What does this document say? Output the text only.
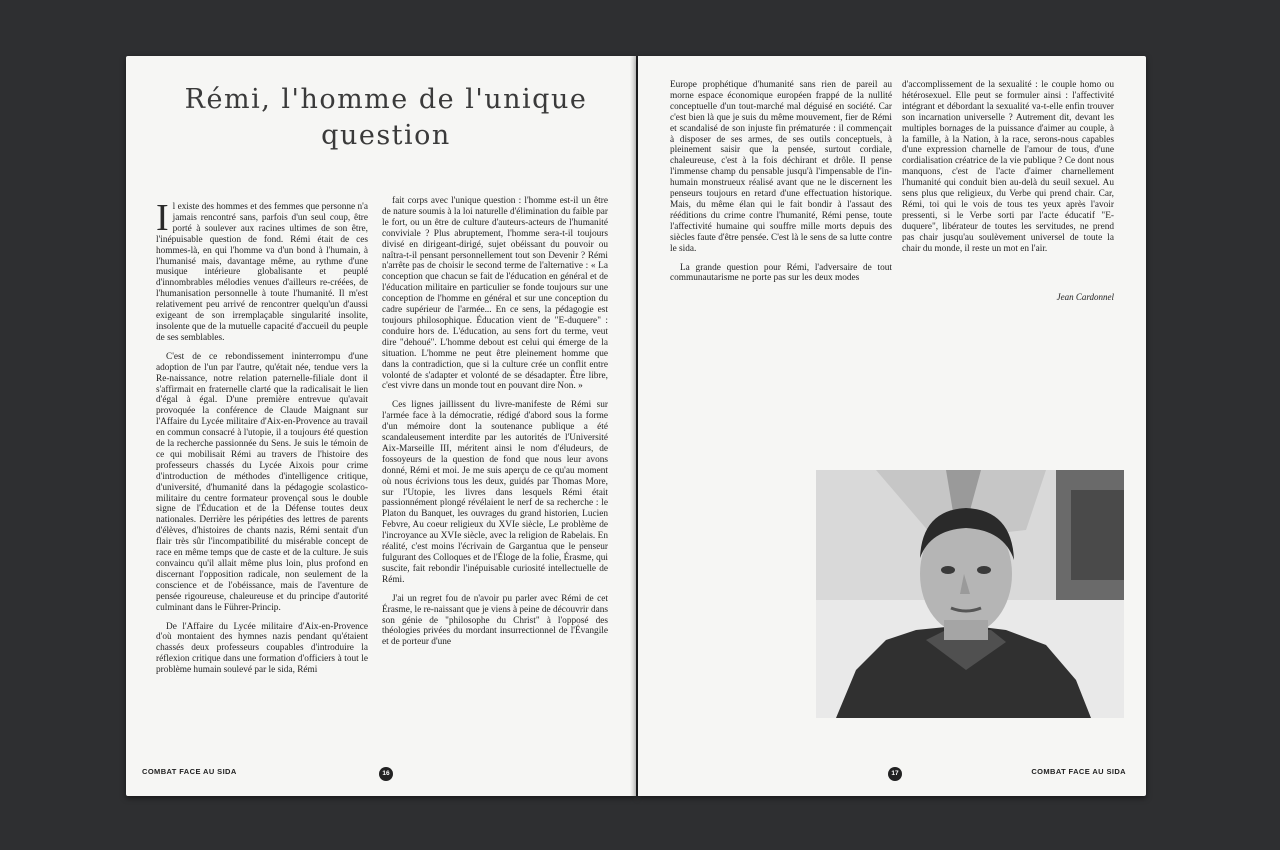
Rémi, l'homme de l'unique question

Il existe des hommes et des femmes que personne n'a jamais rencontré sans, parfois d'un seul coup, être porté à soulever aux racines ultimes de son être, l'inépuisable question de fond. Rémi était de ces hommes-là, en qui l'homme va d'un bond à l'humain, à l'humanisé mais, davantage même, au rythme d'une musique intérieure globalisante et peuplé d'innombrables mélodies venues d'ailleurs re-créées, de l'humanisation personnelle à toute l'humanité. Il m'est relativement peu arrivé de rencontrer quelqu'un d'aussi exigeant de son irremplaçable singularité insolite, insolente que de la mutuelle capacité d'accueil du peuple de ses semblables.

C'est de ce rebondissement ininterrompu d'une adoption de l'un par l'autre, qu'était née, tendue vers la Re-naissance, notre relation paternelle-filiale dont il s'affirmait en fraternelle clarté que la radicalisait le lien d'égal à égal. D'une première entrevue qu'avait provoquée la conférence de Claude Maignant sur l'Affaire du Lycée militaire d'Aix-en-Provence au travail en commun consacré à l'utopie, il a toujours été question de la recherche passionnée du Sens. Je suis le témoin de ce qui mobilisait Rémi au travers de l'histoire des professeurs chassés du Lycée Aixois pour crime d'introduction de méthodes d'intelligence critique, d'université, d'humanité dans la pédagogie scolastico-militaire du centre formateur provençal sous le double signe de l'Éducation et de la Défense toutes deux nationales. Derrière les péripéties des lettres de parents d'élèves, d'histoires de chants nazis, Rémi sentait d'un flair très sûr l'incompatibilité du misérable concept de race en même temps que de caste et de la culture. Je suis convaincu qu'il allait même plus loin, plus profond en discernant l'opposition radicale, non seulement de la conscience et de l'obéissance, mais de l'aventure de pensée rigoureuse, chaleureuse et du principe d'autorité culminant dans le Führer-Princip.

De l'Affaire du Lycée militaire d'Aix-en-Provence d'où montaient des hymnes nazis pendant qu'étaient chassés deux professeurs coupables d'introduire la réflexion critique dans une formation d'officiers à tout le problème humain soulevé par le sida, Rémi

fait corps avec l'unique question : l'homme est-il un être de nature soumis à la loi naturelle d'élimination du faible par le fort, ou un être de culture d'auteurs-acteurs de l'humanité conviviale ? Plus abruptement, l'homme sera-t-il toujours divisé en dirigeant-dirigé, sujet obéissant du pouvoir ou naîtra-t-il pensant personnellement tout son Devenir ? Rémi n'arrête pas de choisir le second terme de l'alternative : « La conception que chacun se fait de l'éducation en général et de l'éducation militaire en particulier se fonde toujours sur une conception de l'homme en général et sur une conception du cadre supérieur de l'armée... En ce sens, la pédagogie est toujours philosophique. Éducation vient de "E-duquere" : conduire hors de. L'éducation, au sens fort du terme, veut dire "dehoué". L'homme debout est celui qui émerge de la situation. L'homme ne peut être pleinement homme que dans la contradiction, que si la culture crée un conflit entre volonté de s'adapter et volonté de se désadapter. Être libre, c'est vivre dans un monde tout en pouvant dire Non. »

Ces lignes jaillissent du livre-manifeste de Rémi sur l'armée face à la démocratie, rédigé d'abord sous la forme d'un mémoire dont la soutenance publique a été scandaleusement interdite par les autorités de l'Université Aix-Marseille III, méritent ainsi le nom d'éludeurs, de fossoyeurs de la question de fond que nous leur avons donné, Rémi et moi. Je me suis aperçu de ce qu'au moment où nous écrivions tous les deux, guidés par Thomas More, sur l'Utopie, les livres dans lesquels Rémi était passionnément plongé révélaient le nerf de sa recherche : le Platon du Banquet, les ouvrages du grand historien, Lucien Febvre, Au coeur religieux du XVIe siècle, Le problème de l'incroyance au XVIe siècle, avec la religion de Rabelais. En réalité, c'est moins l'écrivain de Gargantua que le penseur fulgurant des Colloques et de l'Éloge de la folie, Érasme, qui suscite, fait rebondir l'inépuisable curiosité intellectuelle de Rémi.

J'ai un regret fou de n'avoir pu parler avec Rémi de cet Érasme, le re-naissant que je viens à peine de découvrir dans son génie de "philosophe du Christ" à l'opposé des théologies privées du mordant insurrectionnel de l'Évangile et de porteur d'une

COMBAT FACE AU SIDA	16

Europe prophétique d'humanité sans rien de pareil au morne espace économique européen frappé de la nullité conceptuelle d'un tout-marché mal déguisé en société. Car c'est bien là que je suis du même mouvement, fier de Rémi et scandalisé de son injuste fin prématurée : il commençait à disposer de ses armes, de ses outils conceptuels, à pleinement saisir que la pensée, surtout cordiale, chaleureuse, c'est à la fois déchirant et drôle. Il pense l'immense champ du pensable jusqu'à l'impensable de l'in-humain monstrueux réalisé avant que ne le discernent les penseurs toujours en retard d'une effectuation historique. Mais, du même élan qui le fait bondir à l'assaut des rééditions du crime contre l'humanité, Rémi pense, toute l'affectivité humaine qui souffre mille morts depuis des siècles faute d'être pensée. C'est là le sens de sa lutte contre le sida.

La grande question pour Rémi, l'adversaire de tout communautarisme ne porte pas sur les deux modes

d'accomplissement de la sexualité : le couple homo ou hétérosexuel. Elle peut se formuler ainsi : l'affectivité intégrant et débordant la sexualité va-t-elle enfin trouver son incarnation universelle ? Autrement dit, devant les multiples bornages de la puissance d'aimer au couple, à la famille, à la Nation, à la race, serons-nous capables d'une expression charnelle de l'amour de tous, d'une cordialisation créatrice de la vie publique ? Ce dont nous manquons, c'est de l'acte d'aimer charnellement l'humanité qui conduit bien au-delà du seuil sexuel. Au sens plus que religieux, du Verbe qui prend chair. Car, Rémi, toi qui le vois de tous tes yeux après l'avoir pressenti, si le Verbe sorti par l'acte éducatif "E-duquere", libérateur de toutes les servitudes, ne prend pas chair jusqu'au soulèvement universel de toute la chair du monde, il reste un mot en l'air.

Jean Cardonnel
17	COMBAT FACE AU SIDA
